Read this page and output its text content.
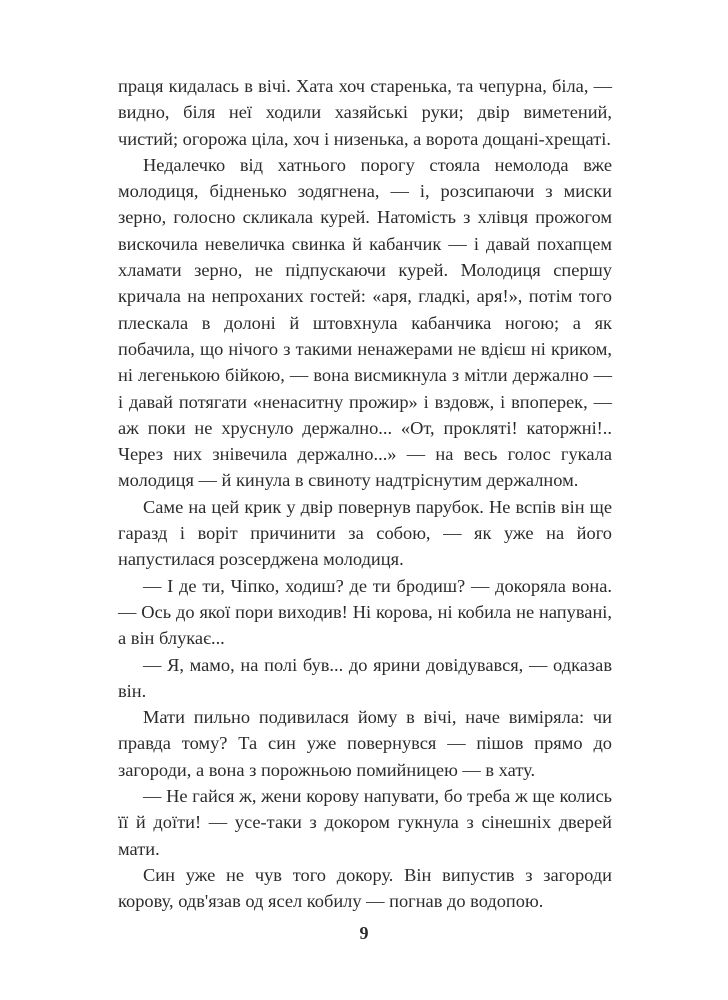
праця кидалась в вічі. Хата хоч старенька, та чепурна, біла, — видно, біля неї ходили хазяйські руки; двір виметений, чистий; огорожа ціла, хоч і низенька, а ворота дощані-хрещаті.

Недалечко від хатнього порогу стояла немолода вже молодиця, бідненько зодягнена, — і, розсипаючи з миски зерно, голосно скликала курей. Натомість з хлівця прожогом вискочила невеличка свинка й кабанчик — і давай похапцем хламати зерно, не підпускаючи курей. Молодиця спершу кричала на непроханих гостей: «аря, гладкі, аря!», потім того плескала в долоні й штовхнула кабанчика ногою; а як побачила, що нічого з такими ненажерами не вдієш ні криком, ні легенькою бійкою, — вона висмикнула з мітли держално — і давай потягати «ненаситну прожир» і вздовж, і впоперек, — аж поки не хруснуло держално... «От, прокляті! каторжні!.. Через них знівечила держално...» — на весь голос гукала молодиця — й кинула в свиноту надтріснутим держалном.

Саме на цей крик у двір повернув парубок. Не вспів він ще гаразд і воріт причинити за собою, — як уже на його напустилася розсерджена молодиця.

— І де ти, Чіпко, ходиш? де ти бродиш? — докоряла вона. — Ось до якої пори виходив! Ні корова, ні кобила не напувані, а він блукає...

— Я, мамо, на полі був... до ярини довідувався, — одказав він.

Мати пильно подивилася йому в вічі, наче виміряла: чи правда тому? Та син уже повернувся — пішов прямо до загороди, а вона з порожньою помийницею — в хату.

— Не гайся ж, жени корову напувати, бо треба ж ще колись її й доїти! — усе-таки з докором гукнула з сінешніх дверей мати.

Син уже не чув того докору. Він випустив з загороди корову, одв'язав од ясел кобилу — погнав до водопою.

9
